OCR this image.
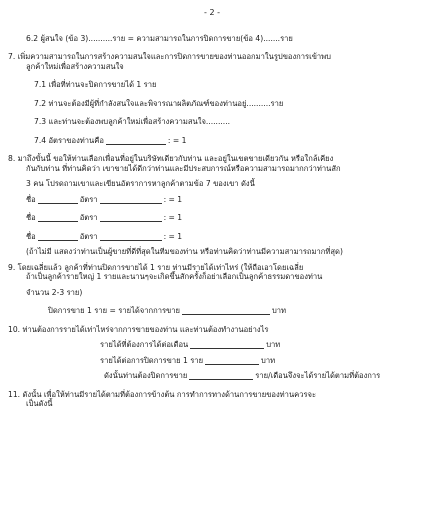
- 2 -
6.2 ผู้สนใจ (ข้อ 3)..........ราย = ความสามารถในการปิดการขาย(ข้อ 4).......ราย
7. เพิ่มความสามารถในการสร้างความสนใจและการปิดการขายของท่านออกมาในรูปของการเข้าพบ
ลูกค้าใหม่เพื่อสร้างความสนใจ
7.1 เพื่อที่ท่านจะปิดการขายได้ 1 ราย
7.2 ท่านจะต้องมีผู้ที่กำลังสนใจและพิจารณาผลิตภัณฑ์ของท่านอยู่..........ราย
7.3 และท่านจะต้องพบลูกค้าใหม่เพื่อสร้างความสนใจ..........
7.4 อัตราของท่านคือ	: = 1
8. มาถึงขั้นนี้ ขอให้ท่านเลือกเพื่อนที่อยู่ในบริษัทเดียวกับท่าน และอยู่ในเขตขายเดียวกัน หรือใกล้เคียง
กันกับท่าน ที่ท่านคิดว่า เขาขายได้ดีกว่าท่านและมีประสบการณ์หรือความสามารถมากกว่าท่านสัก
3 คน โปรดถามเขาและเขียนอัตราการหาลูกค้าตามข้อ 7 ของเขา ดังนี้
ชื่อ	อัตรา	: = 1
ชื่อ	อัตรา	: = 1
ชื่อ	อัตรา	: = 1
(ถ้าไม่มี แสดงว่าท่านเป็นผู้ขายที่ดีที่สุดในทีมของท่าน หรือท่านคิดว่าท่านมีความสามารถมากที่สุด)
9. โดยเฉลี่ยแล้ว ลูกค้าที่ท่านปิดการขายได้ 1 ราย ท่านมีรายได้เท่าไหร่ (ให้ถือเอาโดยเฉลี่ย
ถ้าเป็นลูกค้ารายใหญ่ 1 รายและนานๆจะเกิดขึ้นสักครั้งก็อย่าเลือกเป็นลูกค้าธรรมดาของท่าน
จำนวน 2-3 ราย)
ปิดการขาย 1 ราย = รายได้จากการขาย	บาท
10. ท่านต้องการรายได้เท่าไหร่จากการขายของท่าน และท่านต้องทำงานอย่างไร
รายได้ที่ต้องการได้ต่อเดือน	บาท
รายได้ต่อการปิดการขาย 1 ราย	บาท
ดังนั้นท่านต้องปิดการขาย	ราย/เดือนจึงจะได้รายได้ตามที่ต้องการ
11. ดังนั้น เพื่อให้ท่านมีรายได้ตามที่ต้องการข้างต้น การทำการทางด้านการขายของท่านควรจะ
เป็นดังนี้
